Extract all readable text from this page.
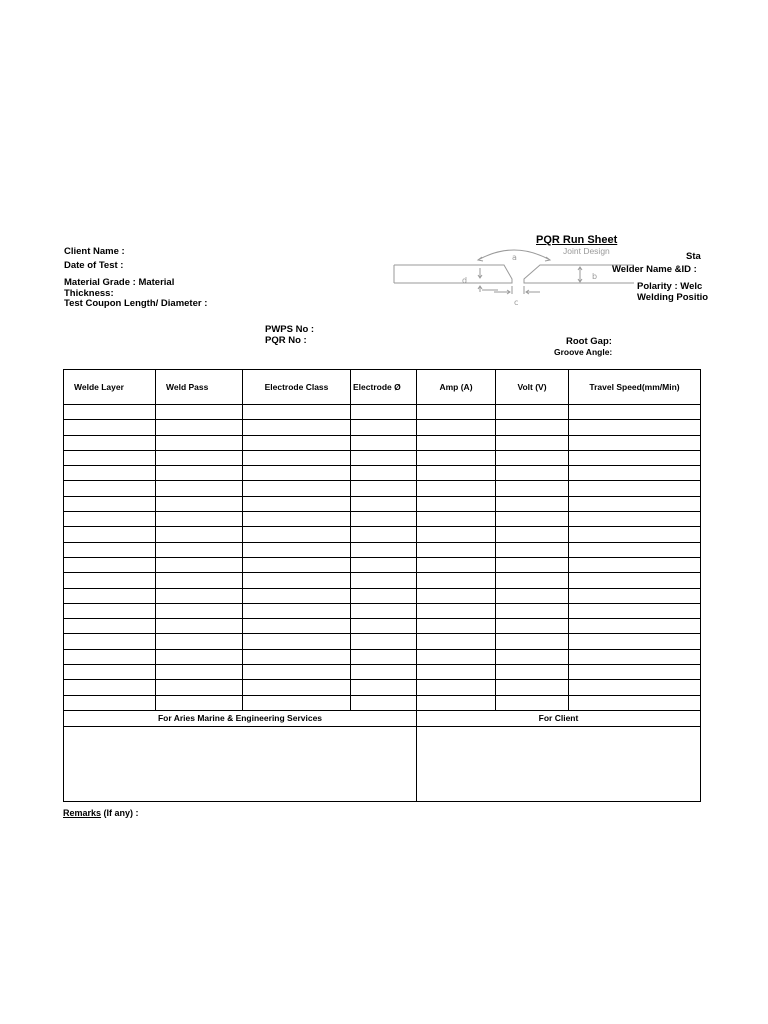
PQR Run Sheet
Client Name :
Date of Test :
Material Grade : Material
Thickness:
Test Coupon Length/ Diameter :
a
b
c
d
Joint Design	Sta
Welder Name &ID :
Polarity : Welc
Welding Positio
PWPS No :
PQR No :	Root Gap:
Groove Angle:
Welde Layer	Weld Pass	Electrode Class	Electrode Ø	Amp (A)	Volt (V)	Travel Speed(mm/Min)

For Aries Marine & Engineering Services				For Client		

Remarks (If any) :
